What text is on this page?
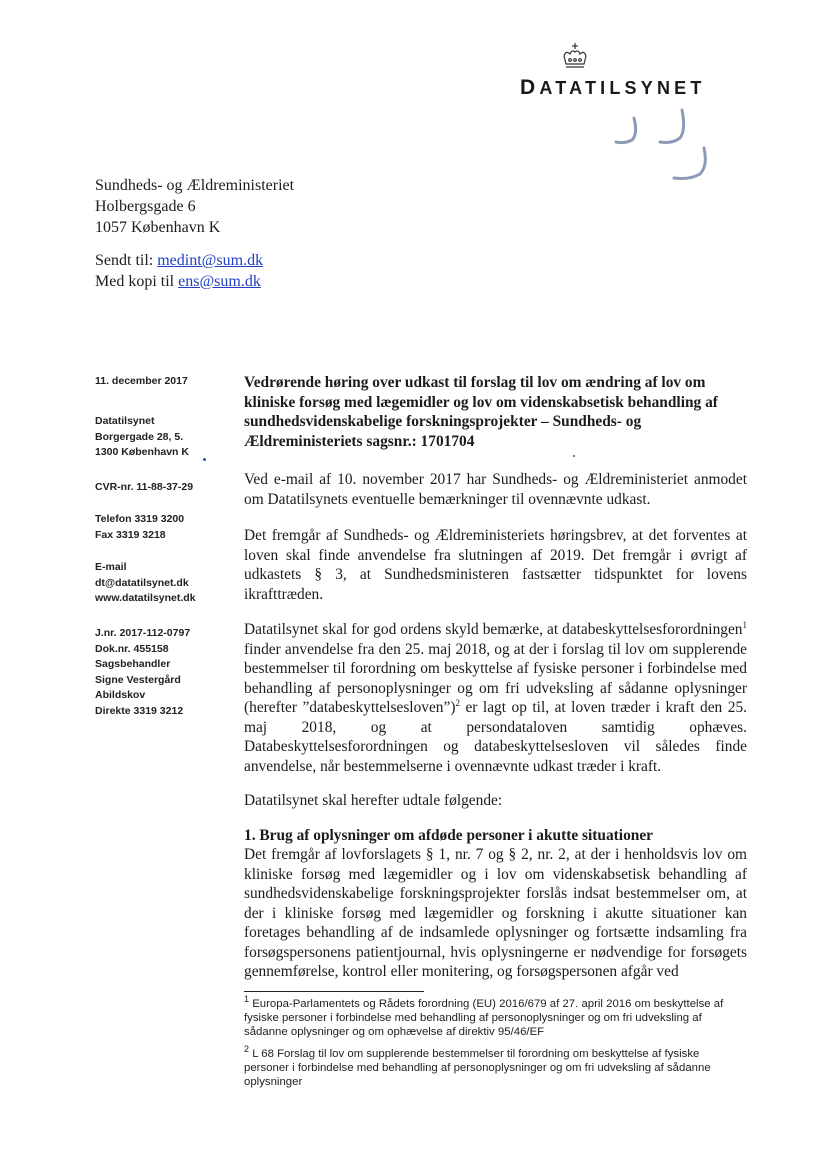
DATATILSYNET
Sundheds- og Ældreministeriet
Holbergsgade 6
1057 København K
Sendt til: medint@sum.dk
Med kopi til ens@sum.dk
11. december 2017
Datatilsynet
Borgergade 28, 5.
1300 København K
CVR-nr. 11-88-37-29
Telefon 3319 3200
Fax 3319 3218
E-mail
dt@datatilsynet.dk
www.datatilsynet.dk
J.nr. 2017-112-0797
Dok.nr. 455158
Sagsbehandler
Signe Vestergård
Abildskov
Direkte 3319 3212
Vedrørende høring over udkast til forslag til lov om ændring af lov om kliniske forsøg med lægemidler og lov om videnskabsetisk behandling af sundhedsvidenskabelige forskningsprojekter – Sundheds- og Ældreministeriets sagsnr.: 1701704

Ved e-mail af 10. november 2017 har Sundheds- og Ældreministeriet anmodet om Datatilsynets eventuelle bemærkninger til ovennævnte udkast.

Det fremgår af Sundheds- og Ældreministeriets høringsbrev, at det forventes at loven skal finde anvendelse fra slutningen af 2019. Det fremgår i øvrigt af udkastets § 3, at Sundhedsministeren fastsætter tidspunktet for lovens ikrafttræden.

Datatilsynet skal for god ordens skyld bemærke, at databeskyttelsesforordningen$^1$ finder anvendelse fra den 25. maj 2018, og at der i forslag til lov om supplerende bestemmelser til forordning om beskyttelse af fysiske personer i forbindelse med behandling af personoplysninger og om fri udveksling af sådanne oplysninger (herefter ”databeskyttelsesloven”)$^2$ er lagt op til, at loven træder i kraft den 25. maj 2018, og at persondataloven samtidig ophæves. Databeskyttelsesforordningen og databeskyttelsesloven vil således finde anvendelse, når bestemmelserne i ovennævnte udkast træder i kraft.

Datatilsynet skal herefter udtale følgende:

1. Brug af oplysninger om afdøde personer i akutte situationer

Det fremgår af lovforslagets § 1, nr. 7 og § 2, nr. 2, at der i henholdsvis lov om kliniske forsøg med lægemidler og i lov om videnskabsetisk behandling af sundhedsvidenskabelige forskningsprojekter forslås indsat bestemmelser om, at der i kliniske forsøg med lægemidler og forskning i akutte situationer kan foretages behandling af de indsamlede oplysninger og fortsætte indsamling fra forsøgspersonens patientjournal, hvis oplysningerne er nødvendige for forsøgets gennemførelse, kontrol eller monitering, og forsøgspersonen afgår ved

$^1$ Europa-Parlamentets og Rådets forordning (EU) 2016/679 af 27. april 2016 om beskyttelse af fysiske personer i forbindelse med behandling af personoplysninger og om fri udveksling af sådanne oplysninger og om ophævelse af direktiv 95/46/EF

$^2$ L 68 Forslag til lov om supplerende bestemmelser til forordning om beskyttelse af fysiske personer i forbindelse med behandling af personoplysninger og om fri udveksling af sådanne oplysninger
